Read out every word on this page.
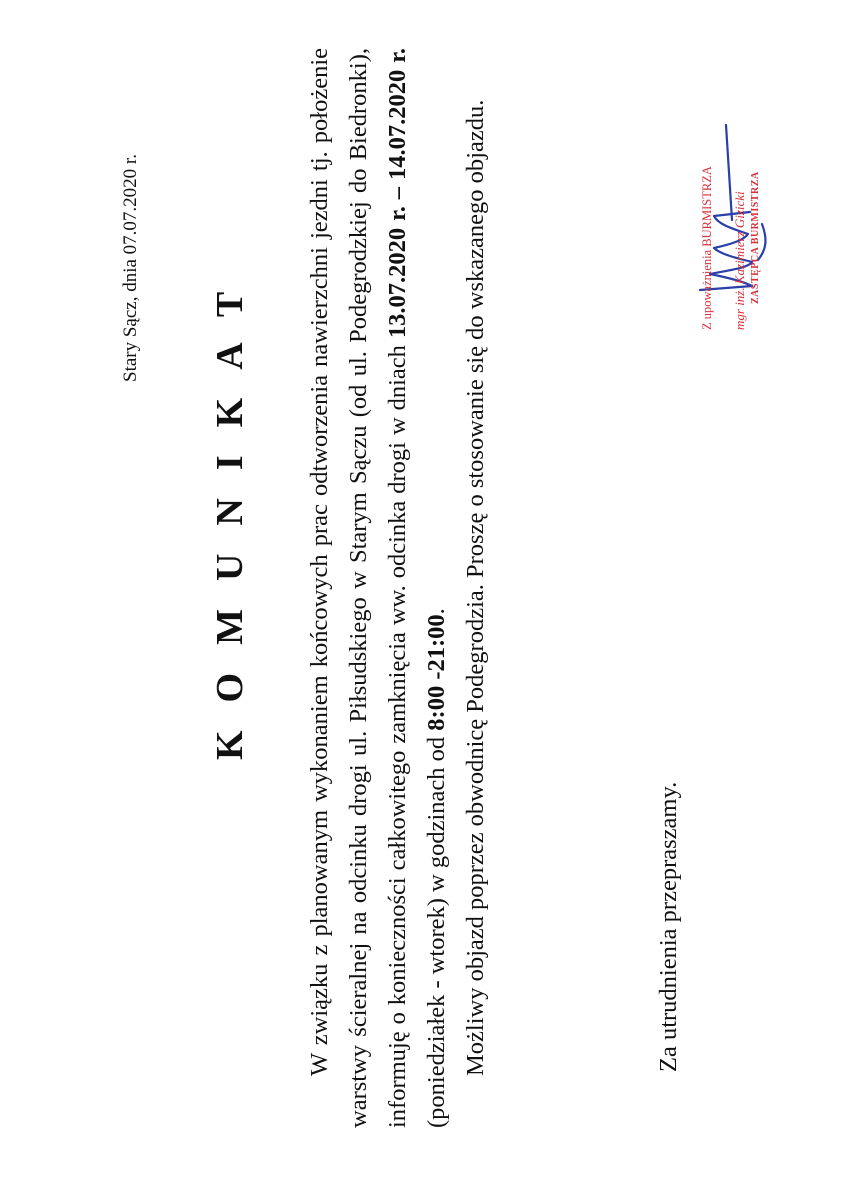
Stary Sącz, dnia 07.07.2020 r. KOMUNIKAT W związku z planowanym wykonaniem końcowych prac odtworzenia nawierzchni jezdni tj. położenie warstwy ścieralnej na odcinku drogi ul. Piłsudskiego w Starym Sączu (od ul. Podegrodzkiej do Biedronki), informuję o konieczności całkowitego zamknięcia ww. odcinka drogi w dniach 13.07.2020 r. – 14.07.2020 r. (poniedziałek - wtorek) w godzinach od 8:00 -21:00. Możliwy objazd poprzez obwodnicę Podegrodzia. Proszę o stosowanie się do wskazanego objazdu.	Za utrudnienia przepraszamy.
Z upoważnienia BURMISTRZA mgr inż. Kazimierz Gizicki ZASTĘPCA BURMISTRZA
